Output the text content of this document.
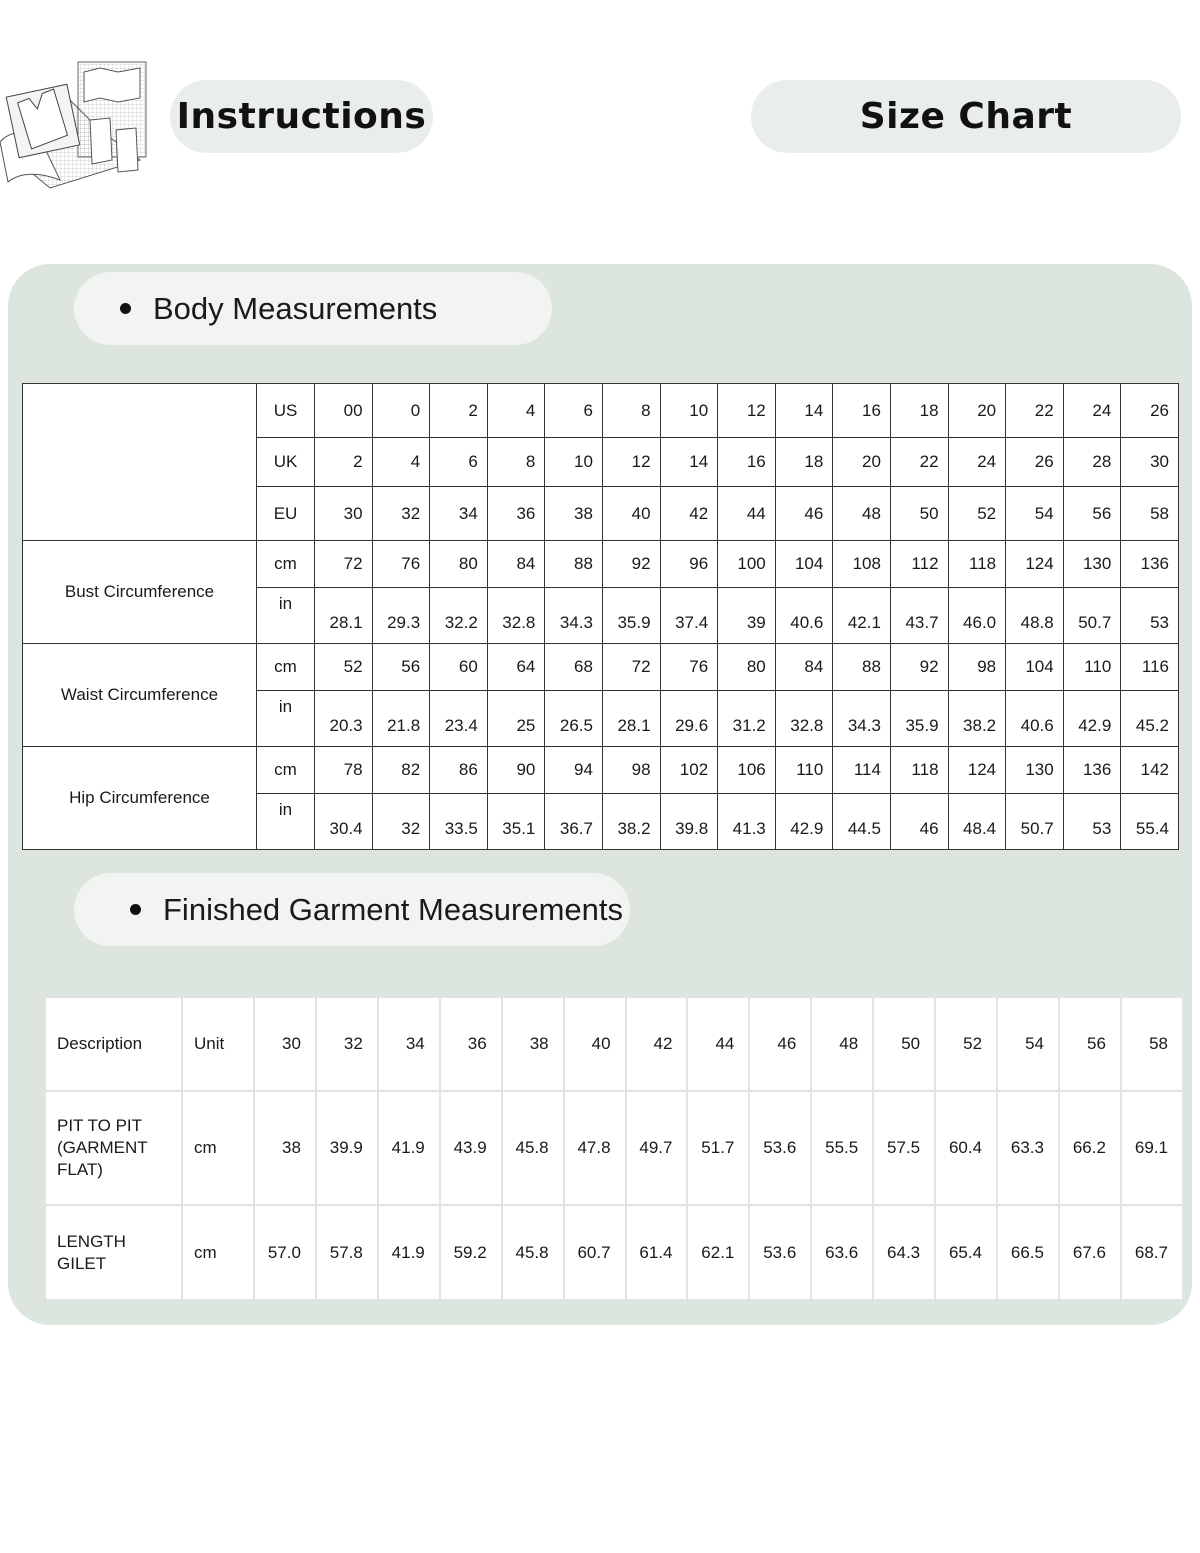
Instructions	Size Chart
Body Measurements
	US	00	0	2	4	6	8	10	12	14	16	18	20	22	24	26
	UK	2	4	6	8	10	12	14	16	18	20	22	24	26	28	30
	EU	30	32	34	36	38	40	42	44	46	48	50	52	54	56	58
Bust Circumference	cm	72	76	80	84	88	92	96	100	104	108	112	118	124	130	136
	in	28.1	29.3	32.2	32.8	34.3	35.9	37.4	39	40.6	42.1	43.7	46.0	48.8	50.7	53
Waist Circumference	cm	52	56	60	64	68	72	76	80	84	88	92	98	104	110	116
	in	20.3	21.8	23.4	25	26.5	28.1	29.6	31.2	32.8	34.3	35.9	38.2	40.6	42.9	45.2
Hip Circumference	cm	78	82	86	90	94	98	102	106	110	114	118	124	130	136	142
	in	30.4	32	33.5	35.1	36.7	38.2	39.8	41.3	42.9	44.5	46	48.4	50.7	53	55.4
Finished Garment Measurements
Description	Unit	30	32	34	36	38	40	42	44	46	48	50	52	54	56	58

PIT TO PIT
(GARMENT
FLAT)	cm	38	39.9	41.9	43.9	45.8	47.8	49.7	51.7	53.6	55.5	57.5	60.4	63.3	66.2	69.1

LENGTH
GILET	cm	57.0	57.8	41.9	59.2	45.8	60.7	61.4	62.1	53.6	63.6	64.3	65.4	66.5	67.6	68.7
